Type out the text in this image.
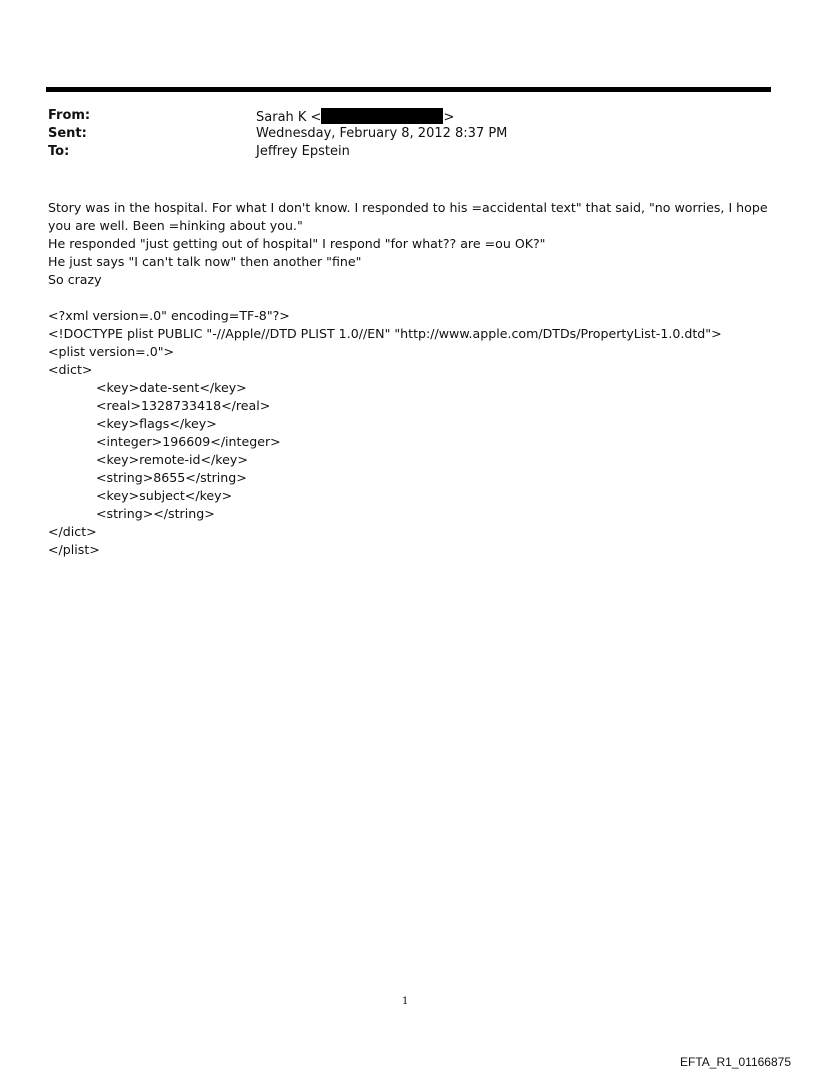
From:	Sarah K <	>
Sent:	Wednesday, February 8, 2012 8:37 PM
To:	Jeffrey Epstein

Story was in the hospital. For what I don't know. I responded to his =accidental text" that said, "no worries, I hope you are well. Been =hinking about you."

He responded "just getting out of hospital" I respond "for what?? are =ou OK?"

He just says "I can't talk now" then another "fine"

So crazy

<?xml version=.0" encoding=TF-8"?>

<!DOCTYPE plist PUBLIC "-//Apple//DTD PLIST 1.0//EN" "http://www.apple.com/DTDs/PropertyList-1.0.dtd">

<plist version=.0">

<dict>

<key>date-sent</key>

<real>1328733418</real>

<key>flags</key>

<integer>196609</integer>

<key>remote-id</key>

<string>8655</string>

<key>subject</key>

<string></string>

</dict>

</plist>

1
EFTA_R1_01166875
